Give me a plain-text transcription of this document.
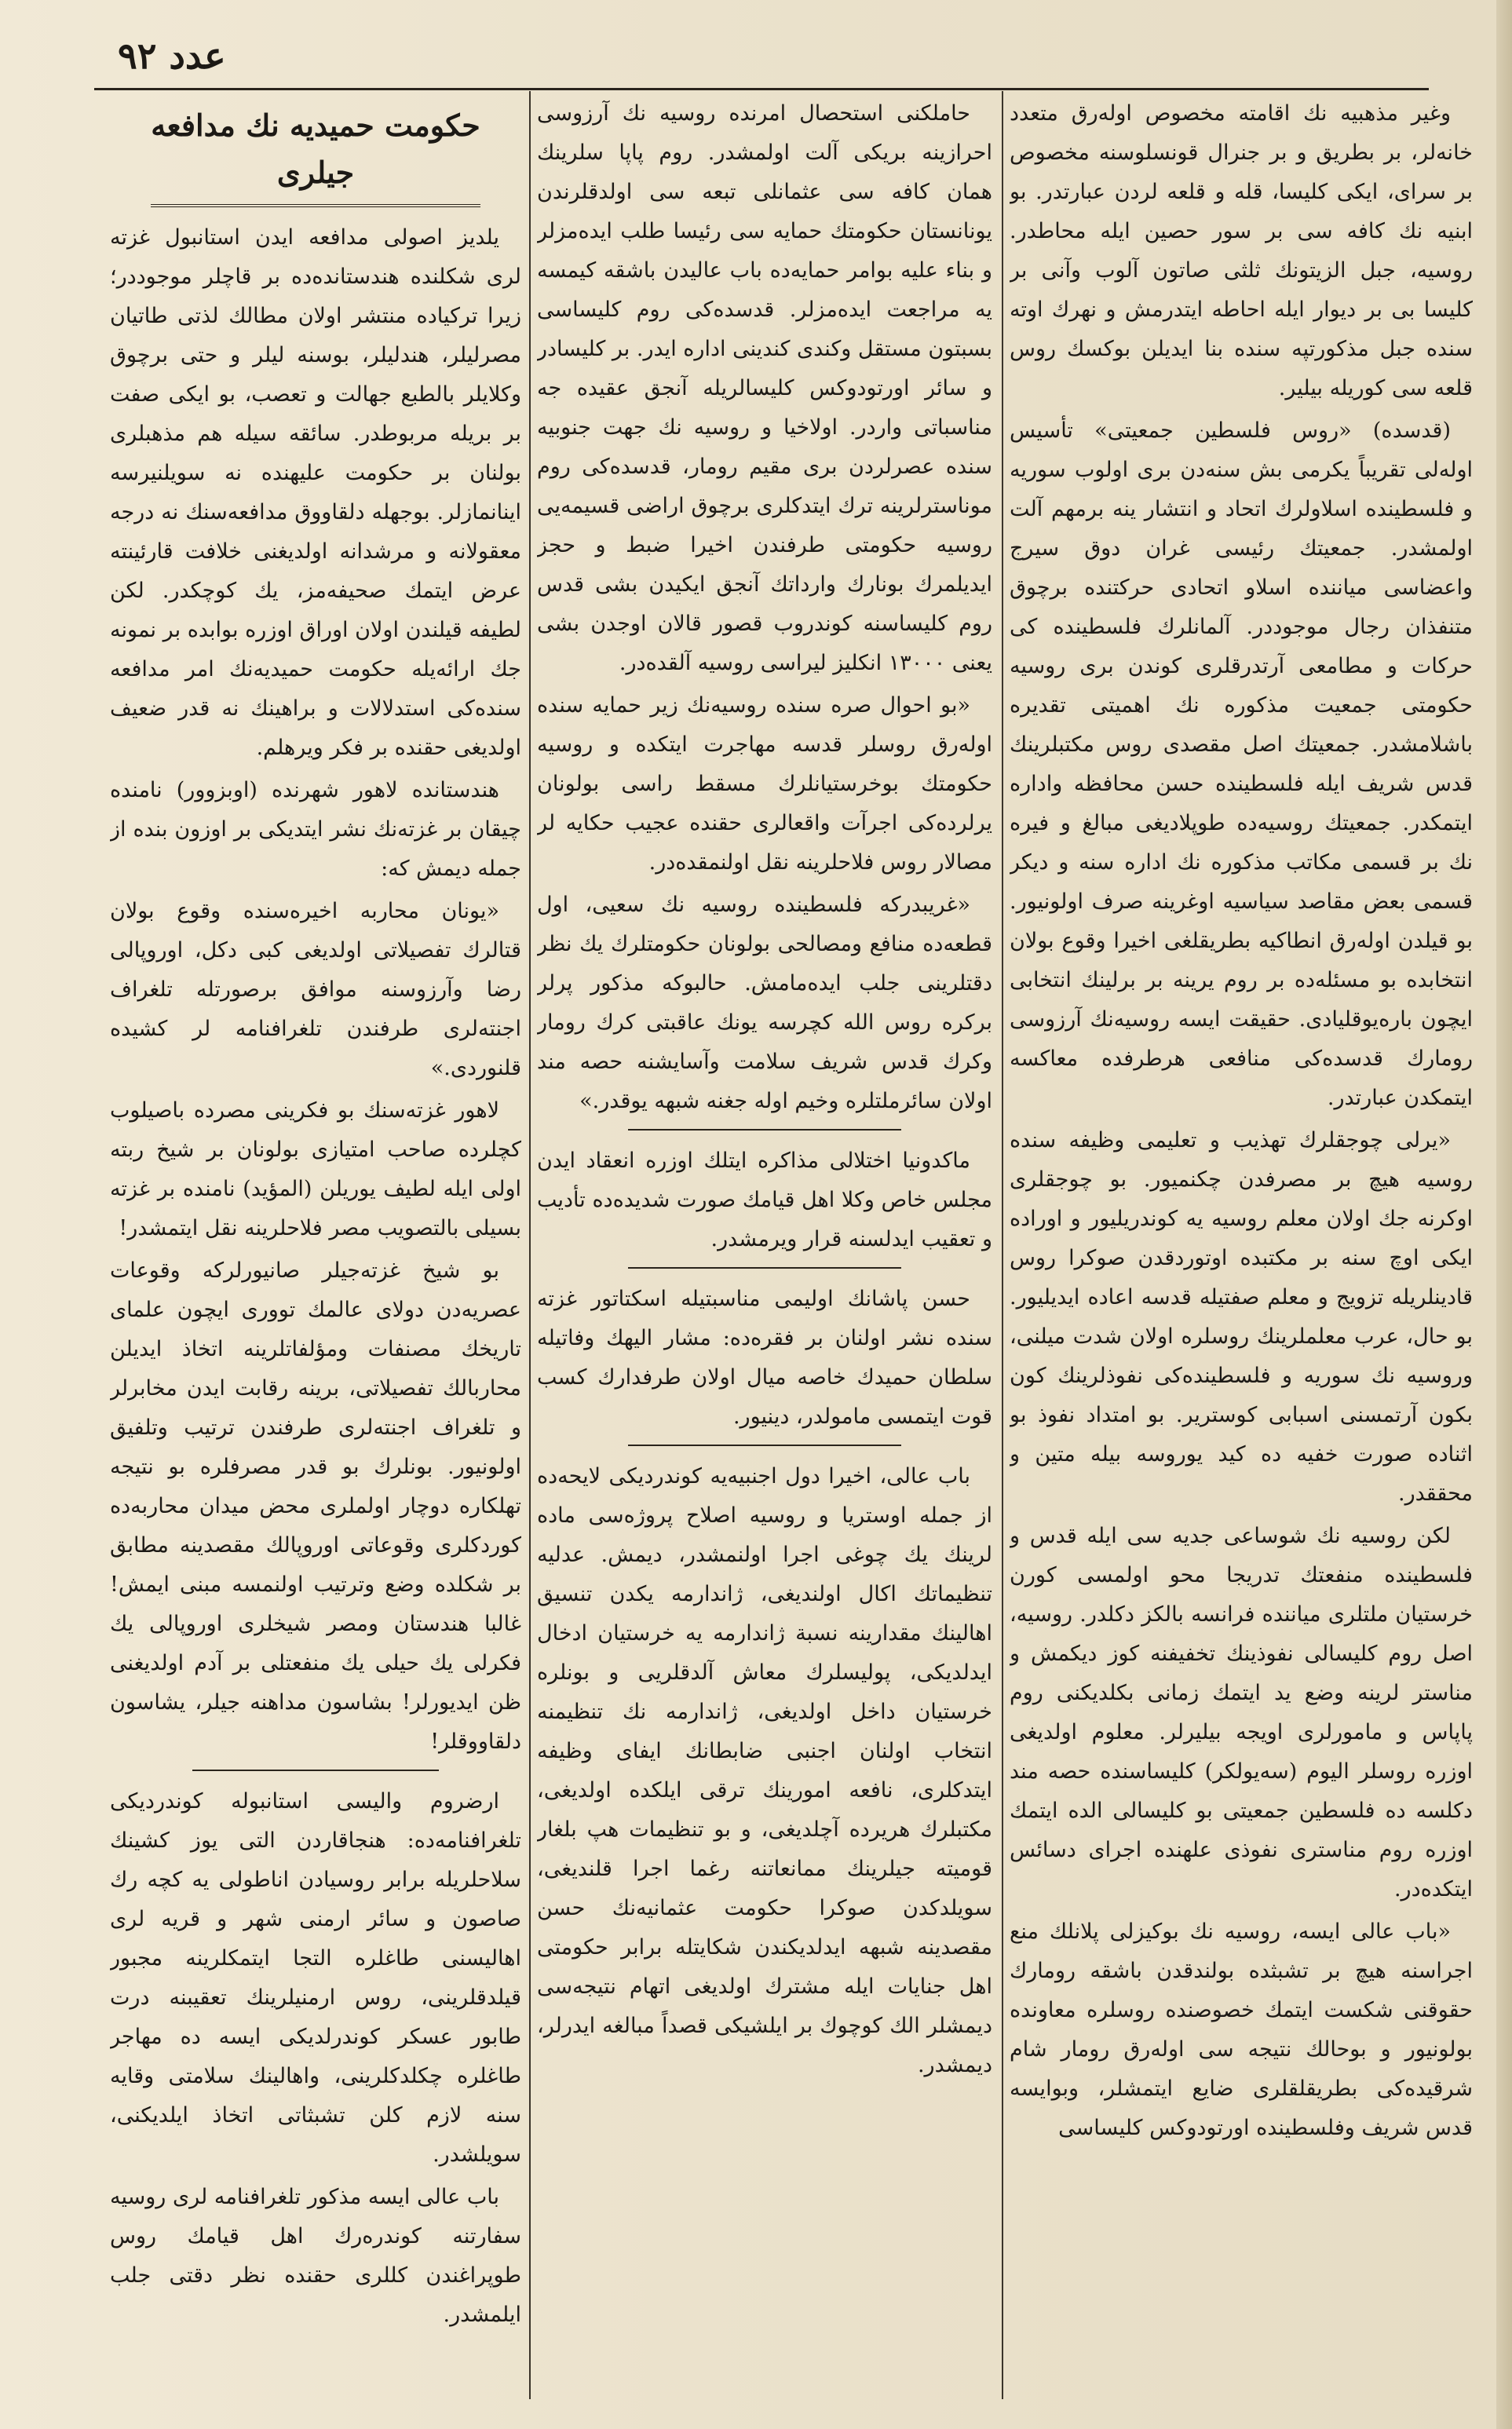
عدد ٩٢

وغیر مذهبیه نك اقامته مخصوص اوله‌رق متعدد خانه‌لر، بر بطریق و بر جنرال قونسلوسنه مخصوص بر سرای، ایکی کلیسا، قله و قلعه لردن عبارتدر. بو ابنیه نك کافه سی بر سور حصین ایله محاطدر. روسیه، جبل الزیتونك ثلثی صاتون آلوب وآنی بر کلیسا بی بر دیوار ایله احاطه ایتدرمش و نهرك اوته سنده جبل مذکورتپه سنده بنا ایدیلن بوکسك روس قلعه سی کوریله بیلیر.

(قدسده) «روس فلسطین جمعیتی» تأسیس اوله‌لی تقریباً یکرمی بش سنه‌دن بری اولوب سوریه و فلسطینده اسلاولرك اتحاد و انتشار ینه برمهم آلت اولمشدر. جمعیتك رئیسی غران دوق سیرج واعضاسی میاننده اسلاو اتحادی حرکتنده برچوق متنفذان رجال موجوددر. آلمانلرك فلسطینده کی حرکات و مطامعی آرتدرقلری کوندن بری روسیه حکومتی جمعیت مذکوره نك اهمیتی تقدیره باشلامشدر. جمعیتك اصل مقصدی روس مکتبلرینك قدس شریف ایله فلسطینده حسن محافظه واداره ایتمکدر. جمعیتك روسیه‌ده طوپلادیغی مبالغ و فیره نك بر قسمی مکاتب مذکوره نك اداره سنه و دیکر قسمی بعض مقاصد سیاسیه اوغرینه صرف اولونیور. بو قیلدن اوله‌رق انطاکیه بطریقلغی اخیرا وقوع بولان انتخابده بو مسئله‌ده بر روم یرینه بر برلینك انتخابی ایچون باره‌یوقلیادی. حقیقت ایسه روسیه‌نك آرزوسی رومارك قدسده‌کی منافعی هرطرفده معاکسه ایتمکدن عبارتدر.

«یرلی چوجقلرك تهذیب و تعلیمی وظیفه سنده روسیه هیچ بر مصرفدن چکنمیور. بو چوجقلری اوکرنه جك اولان معلم روسیه یه کوندریلیور و اوراده ایکی اوچ سنه بر مکتبده اوتوردقدن صوکرا روس قادینلریله تزویج و معلم صفتیله قدسه اعاده ایدیلیور. بو حال، عرب معلملرینك روسلره اولان شدت میلنی، وروسیه نك سوریه و فلسطینده‌کی نفوذلرینك کون بکون آرتمسنی اسبابی کوستریر. بو امتداد نفوذ بو اثناده صورت خفیه ده کید یوروسه بیله متین و محققدر.

لکن روسیه نك شوساعی جدیه سی ایله قدس و فلسطینده منفعتك تدریجا محو اولمسی کورن خرستیان ملتلری میاننده فرانسه بالکز دکلدر. روسیه، اصل روم کلیسالی نفوذینك تخفیفنه کوز دیکمش و مناستر لرینه وضع ید ایتمك زمانی بکلدیکنی روم پاپاس و مامورلری اویجه بیلیرلر. معلوم اولدیغی اوزره روسلر الیوم (سه‌یولکر) کلیساسنده حصه مند دکلسه ده فلسطین جمعیتی بو کلیسالی الده ایتمك اوزره روم مناستری نفوذی علهنده اجرای دسائس ایتکده‌در.

«باب عالی ایسه، روسیه نك بوکیزلی پلانلك منع اجراسنه هیچ بر تشبثده بولندقدن باشقه رومارك حقوقنی شکست ایتمك خصوصنده روسلره معاونده بولونیور و بوحالك نتیجه سی اوله‌رق رومار شام شرقیده‌کی بطریقلقلری ضایع ایتمشلر، وبوایسه قدس شریف وفلسطینده اورتودوکس کلیساسی

حاملکنی استحصال امرنده روسیه نك آرزوسی احرازینه بریکی آلت اولمشدر. روم پاپا سلرینك همان کافه سی عثمانلی تبعه سی اولدقلرندن یونانستان حکومتك حمایه سی رئیسا طلب ایده‌مزلر و بناء علیه بوامر حمایه‌ده باب عالیدن باشقه کیمسه یه مراجعت ایده‌مزلر. قدسده‌کی روم کلیساسی بسبتون مستقل وکندی کندینی اداره ایدر. بر کلیسادر و سائر اورتودوکس کلیسالریله آنجق عقیده جه مناسباتی واردر. اولاخیا و روسیه نك جهت جنوبیه سنده عصرلردن بری مقیم رومار، قدسده‌کی روم موناسترلرینه ترك ایتدکلری برچوق اراضی قسیمه‌یی روسیه حکومتی طرفندن اخیرا ضبط و حجز ایدیلمرك بونارك وارداتك آنجق ایکیدن بشی قدس روم کلیساسنه کوندروب قصور قالان اوجدن بشی یعنی ١٣٠٠٠ انکلیز لیراسی روسیه آلقده‌در.

«بو احوال صره سنده روسیه‌نك زیر حمایه سنده اوله‌رق روسلر قدسه مهاجرت ایتکده و روسیه حکومتك بوخرستیانلرك مسقط راسی بولونان یرلرده‌کی اجرآت واقعالری حقنده عجیب حکایه لر مصالار روس فلاحلرینه نقل اولنمقده‌در.

«غریبدرکه فلسطینده روسیه نك سعیی، اول قطعه‌ده منافع ومصالحی بولونان حکومتلرك یك نظر دقتلرینی جلب ایده‌مامش. حالبوکه مذکور پرلر برکره روس الله کچرسه یونك عاقبتی کرك رومار وکرك قدس شریف سلامت وآسایشنه حصه مند اولان سائرملتلره وخیم اوله جغنه شبهه یوقدر.»

ماکدونیا اختلالی مذاکره ایتلك اوزره انعقاد ایدن مجلس خاص وکلا اهل قیامك صورت شدیده‌ده تأدیب و تعقیب ایدلسنه قرار ویرمشدر.

حسن پاشانك اولیمی مناسبتیله اسکتاتور غزته سنده نشر اولنان بر فقره‌ده: مشار الیهك وفاتیله سلطان حمیدك خاصه میال اولان طرفدارك کسب قوت ایتمسی مامولدر، دینیور.

باب عالی، اخیرا دول اجنبیه‌یه کوندردیکی لایحه‌ده از جمله اوستریا و روسیه اصلاح پروژه‌سی ماده لرینك یك چوغی اجرا اولنمشدر، دیمش. عدلیه تنظیماتك اکال اولندیغی، ژاندارمه یکدن تنسیق اهالینك مقدارینه نسبة ژاندارمه یه خرستیان ادخال ایدلدیکی، پولیسلرك معاش آلدقلریی و بونلره خرستیان داخل اولدیغی، ژاندارمه نك تنظیمنه انتخاب اولنان اجنبی ضابطانك ایفای وظیفه ایتدکلری، نافعه امورینك ترقی ایلکده اولدیغی، مکتبلرك هریرده آچلدیغی، و بو تنظیمات هپ بلغار قومیته جیلرینك ممانعاتنه رغما اجرا قلندیغی، سویلدکدن صوکرا حکومت عثمانیه‌نك حسن مقصدینه شبهه ایدلدیکندن شکایتله برابر حکومتی اهل جنایات ایله مشترك اولدیغی اتهام نتیجه‌سی دیمشلر الك کوچوك بر ایلشیکی قصداً مبالغه ایدرلر، دیمشدر.

حکومت حمیدیه نك مدافعه جیلری

یلدیز اصولی مدافعه ایدن استانبول غزته لری شکلنده هندستانده‌ده بر قاچلر موجوددر؛ زیرا ترکیاده منتشر اولان مطالك لذتی طاتیان مصرلیلر، هندلیلر، بوسنه لیلر و حتی برچوق وکلایلر بالطبع جهالت و تعصب، بو ایکی صفت بر بریله مربوطدر. سائقه سیله هم مذهبلری بولنان بر حکومت علیهنده نه سویلنیرسه اینانمازلر. بوجهله دلقاووق مدافعه‌سنك نه درجه معقولانه و مرشدانه اولدیغنی خلافت قارئینته عرض ایتمك صحیفه‌مز، یك کوچکدر. لکن لطیفه قیلندن اولان اوراق اوزره بوابده بر نمونه جك ارائه‌یله حکومت حمیدیه‌نك امر مدافعه سنده‌کی استدلالات و براهینك نه قدر ضعیف اولدیغی حقنده بر فکر ویرهلم.

هندستانده لاهور شهرنده (اوبزوور) نامنده چیقان بر غزته‌نك نشر ایتدیکی بر اوزون بنده از جمله دیمش که:

«یونان محاربه اخیره‌سنده وقوع بولان قتالرك تفصیلاتی اولدیغی کبی دکل، اوروپالی رضا وآرزوسنه موافق برصورتله تلغراف اجنته‌لری طرفندن تلغرافنامه لر کشیده قلنوردی.»

لاهور غزته‌سنك بو فکرینی مصرده باصیلوب کچلرده صاحب امتیازی بولونان بر شیخ ربته اولی ایله لطیف یوریلن (المؤید) نامنده بر غزته بسیلی بالتصویب مصر فلاحلرینه نقل ایتمشدر!

بو شیخ غزته‌جیلر صانیورلرکه وقوعات عصریه‌دن دولای عالمك تووری ایچون علمای تاریخك مصنفات ومؤلفاتلرینه اتخاذ ایدیلن محاربالك تفصیلاتی، برینه رقابت ایدن مخابرلر و تلغراف اجنته‌لری طرفندن ترتیب وتلفیق اولونیور. بونلرك بو قدر مصرفلره بو نتیجه تهلکاره دوچار اولملری محض میدان محاربه‌ده کوردکلری وقوعاتی اوروپالك مقصدینه مطابق بر شکلده وضع وترتیب اولنمسه مبنی ایمش! غالبا هندستان ومصر شیخلری اوروپالی یك فکرلی یك حیلی یك منفعتلی بر آدم اولدیغنی ظن ایدیورلر! بشاسون مداهنه جیلر، یشاسون دلقاووقلر!

ارضروم والیسی استانبوله کوندردیکی تلغرافنامه‌ده: هنجاقاردن التی یوز کشینك سلاحلریله برابر روسیادن اناطولی یه کچه رك صاصون و سائر ارمنی شهر و قریه لری اهالیسنی طاغلره التجا ایتمکلرینه مجبور قیلدقلرینی، روس ارمنیلرینك تعقیبنه درت طابور عسکر کوندرلدیکی ایسه ده مهاجر طاغلره چکلدکلرینی، واهالینك سلامتی وقایه سنه لازم کلن تشبثاتی اتخاذ ایلدیکنی، سویلشدر.

باب عالی ایسه مذکور تلغرافنامه لری روسیه سفارتنه کوندره‌رك اهل قیامك روس طوپراغندن کللری حقنده نظر دقتی جلب ایلمشدر.
